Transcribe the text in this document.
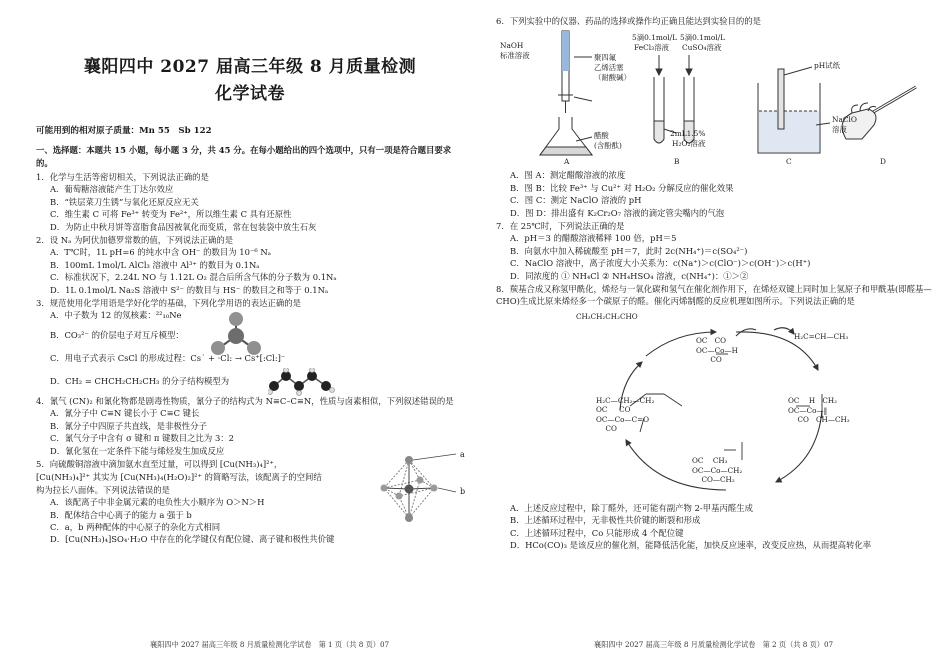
襄阳四中 2027 届高三年级 8 月质量检测
化学试卷
可能用到的相对原子质量：Mn 55　Sb 122
一、选择题：本题共 15 小题，每小题 3 分，共 45 分。在每小题给出的四个选项中，只有一项是符合题目要求的。
1．化学与生活等密切相关，下列说法正确的是
A．葡萄糖溶液能产生丁达尔效应
B．“铁层菜刀生锈”与氧化还原反应无关
C．维生素 C 可将 Fe³⁺ 转变为 Fe²⁺，所以维生素 C 具有还原性
D．为防止中秋月饼等富脂食品因被氧化而变质，常在包装袋中放生石灰
2．设 Nₐ 为阿伏加德罗常数的值，下列说法正确的是
A．T℃时，1L pH=6 的纯水中含 OH⁻ 的数目为 10⁻⁶ Nₐ
B．100mL 1mol/L AlCl₃ 溶液中 Al³⁺ 的数目为 0.1Nₐ
C．标准状况下，2.24L NO 与 1.12L O₂ 混合后所含气体的分子数为 0.1Nₐ
D．1L 0.1mol/L Na₂S 溶液中 S²⁻ 的数目与 HS⁻ 的数目之和等于 0.1Nₐ
3．规范使用化学用语是学好化学的基础，下列化学用语的表达正确的是
A．中子数为 12 的氖核素：²²₁₀Ne
B．CO₃²⁻ 的价层电子对互斥模型：
C．用电子式表示 CsCl 的形成过程：Cs˙ + ·Cl: → Cs⁺[:Cl:]⁻
D．CH₂ = CHCH₂CH₂CH₃ 的分子结构模型为
4．氰气 (CN)₂ 和氰化物都是剧毒性物质，氰分子的结构式为 N≡C–C≡N，性质与卤素相似，下列叙述错误的是
A．氰分子中 C≡N 键长小于 C≡C 键长
B．氰分子中四原子共直线，是非极性分子
C．氰气分子中含有 σ 键和 π 键数目之比为 3：2
D．氰化氢在一定条件下能与烯烃发生加成反应
5．向硫酸铜溶液中滴加氨水直至过量，可以得到 [Cu(NH₃)₄]²⁺，
[Cu(NH₃)₄]²⁺ 其实为 [Cu(NH₃)₄(H₂O)₂]²⁺ 的简略写法，该配离子的空间结构为拉长八面体。下列说法错误的是
a
b
A．该配离子中非金属元素的电负性大小顺序为 O＞N＞H
B．配体结合中心离子的能力 a 强于 b
C．a，b 两种配体的中心原子的杂化方式相同
D．[Cu(NH₃)₄]SO₄·H₂O 中存在的化学键仅有配位键、离子键和极性共价键
襄阳四中 2027 届高三年级 8 月质量检测化学试卷　第 1 页（共 8 页）07
6．下列实验中的仪器、药品的选择或操作均正确且能达到实验目的的是
NaOH
标准溶液	聚四氟
乙烯活塞
（耐酸碱）
醋酸
(含酚酞)
5滴0.1mol/L
FeCl₃溶液
5滴0.1mol/L
CuSO₄溶液
2mL1.5%
H₂O₂溶液
pH试纸
NaClO
溶液
A	B	C	D
A．图 A：测定醋酸溶液的浓度
B．图 B：比较 Fe³⁺ 与 Cu²⁺ 对 H₂O₂ 分解反应的催化效果
C．图 C：测定 NaClO 溶液的 pH
D．图 D：排出盛有 K₂Cr₂O₇ 溶液的滴定管尖嘴内的气泡
7．在 25℃时，下列说法正确的是
A．pH＝3 的醋酸溶液稀释 100 倍，pH＝5
B．向氨水中加入稀硫酸至 pH＝7，此时 2c(NH₄⁺)＝c(SO₄²⁻)
C．NaClO 溶液中，离子浓度大小关系为：c(Na⁺)＞c(ClO⁻)＞c(OH⁻)＞c(H⁺)
D．同浓度的 ① NH₄Cl ② NH₄HSO₄ 溶液，c(NH₄⁺)：①＞②
8．羰基合成又称氢甲酰化，烯烃与一氧化碳和氢气在催化剂作用下，在烯烃双键上同时加上氢原子和甲酰基(即醛基—CHO)生成比原来烯烃多一个碳原子的醛。催化丙烯制醛的反应机理如图所示。下列说法正确的是
CH₃CH₂CH₂CHO
H₂C=CH—CH₃
OC　CO
OC—Co—H
　　CO
H₂C—CH₂—CH₂
OC　  CO
OC—Co—C=O
　 CO
OC　 H　CH₂
OC—Co—‖
　 CO　CH—CH₃
OC　 CH₃
OC—Co—CH₂
　 CO—CH₂
A．上述反应过程中，除丁醛外，还可能有副产物 2-甲基丙醛生成
B．上述循环过程中，无非极性共价键的断裂和形成
C．上述循环过程中，Co 只能形成 4 个配位键
D．HCo(CO)₃ 是该反应的催化剂，能降低活化能，加快反应速率，改变反应热，从而提高转化率
襄阳四中 2027 届高三年级 8 月质量检测化学试卷　第 2 页（共 8 页）07
